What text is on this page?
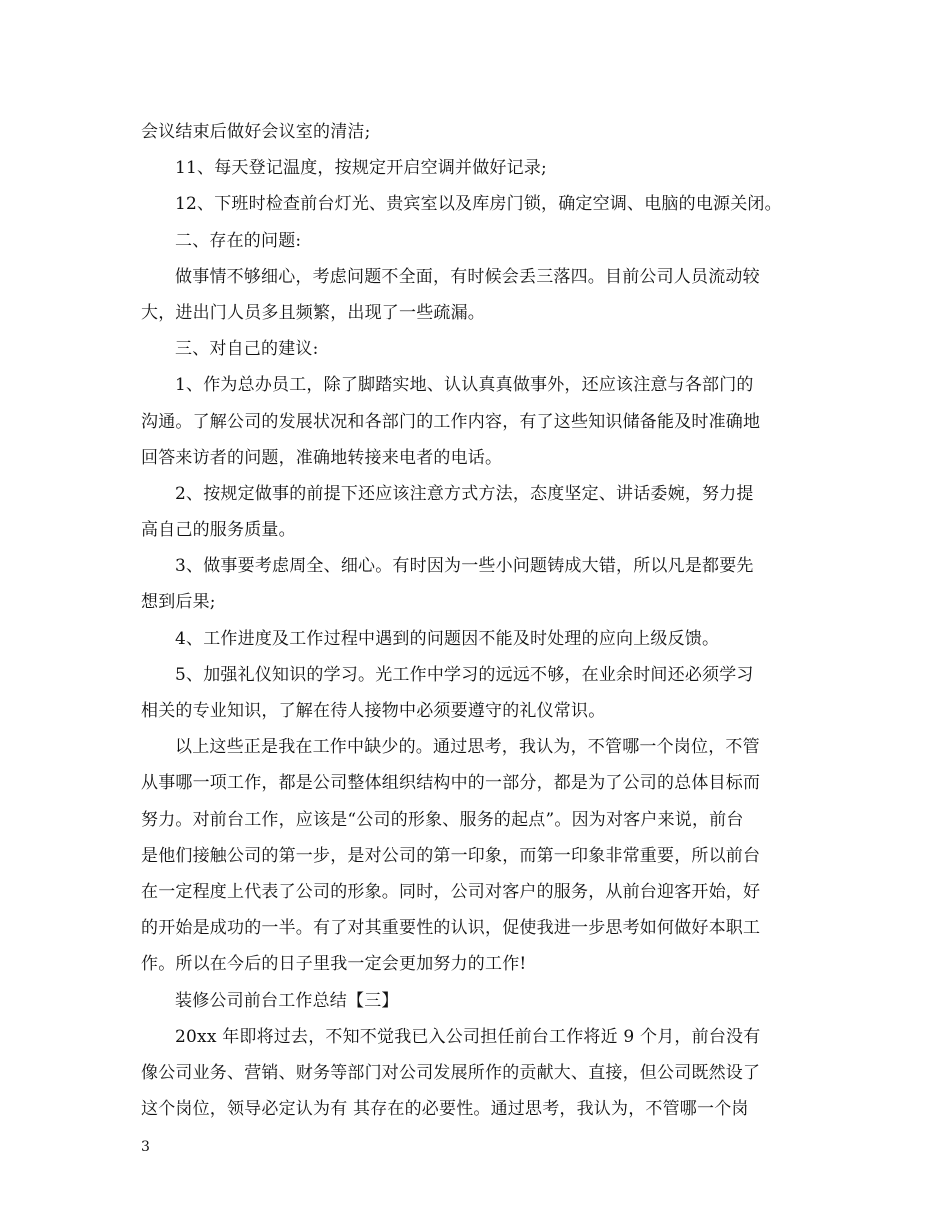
会议结束后做好会议室的清洁;
11、每天登记温度，按规定开启空调并做好记录;
12、下班时检查前台灯光、贵宾室以及库房门锁，确定空调、电脑的电源关闭。
二、存在的问题:
做事情不够细心，考虑问题不全面，有时候会丢三落四。目前公司人员流动较
大，进出门人员多且频繁，出现了一些疏漏。
三、对自己的建议:
1、作为总办员工，除了脚踏实地、认认真真做事外，还应该注意与各部门的
沟通。了解公司的发展状况和各部门的工作内容，有了这些知识储备能及时准确地
回答来访者的问题，准确地转接来电者的电话。
2、按规定做事的前提下还应该注意方式方法，态度坚定、讲话委婉，努力提
高自己的服务质量。
3、做事要考虑周全、细心。有时因为一些小问题铸成大错，所以凡是都要先
想到后果;
4、工作进度及工作过程中遇到的问题因不能及时处理的应向上级反馈。
5、加强礼仪知识的学习。光工作中学习的远远不够，在业余时间还必须学习
相关的专业知识，了解在待人接物中必须要遵守的礼仪常识。
以上这些正是我在工作中缺少的。通过思考，我认为，不管哪一个岗位，不管
从事哪一项工作，都是公司整体组织结构中的一部分，都是为了公司的总体目标而
努力。对前台工作，应该是“公司的形象、服务的起点”。因为对客户来说，前台
是他们接触公司的第一步，是对公司的第一印象，而第一印象非常重要，所以前台
在一定程度上代表了公司的形象。同时，公司对客户的服务，从前台迎客开始，好
的开始是成功的一半。有了对其重要性的认识，促使我进一步思考如何做好本职工
作。所以在今后的日子里我一定会更加努力的工作!
装修公司前台工作总结【三】
20xx 年即将过去，不知不觉我已入公司担任前台工作将近 9 个月，前台没有
像公司业务、营销、财务等部门对公司发展所作的贡献大、直接，但公司既然设了
这个岗位，领导必定认为有 其存在的必要性。通过思考，我认为，不管哪一个岗
3
